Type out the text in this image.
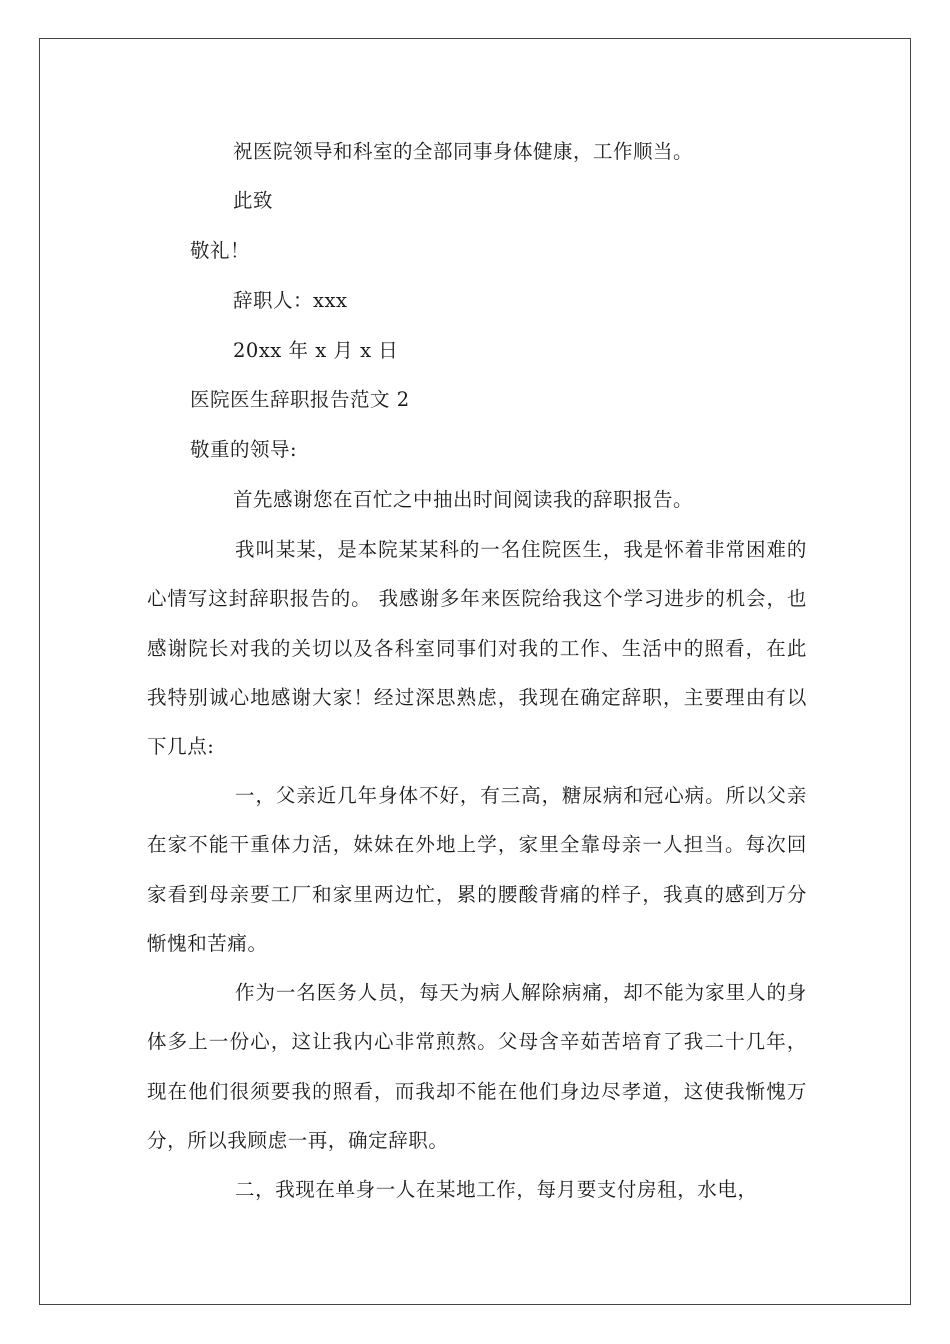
祝医院领导和科室的全部同事身体健康，工作顺当。
此致
敬礼！
辞职人：xxx
20xx 年 x 月 x 日
医院医生辞职报告范文 2
敬重的领导:
首先感谢您在百忙之中抽出时间阅读我的辞职报告。

我叫某某，是本院某某科的一名住院医生，我是怀着非常困难的心情写这封辞职报告的。 我感谢多年来医院给我这个学习进步的机会，也感谢院长对我的关切以及各科室同事们对我的工作、生活中的照看，在此我特别诚心地感谢大家！经过深思熟虑，我现在确定辞职，主要理由有以下几点:

一，父亲近几年身体不好，有三高，糖尿病和冠心病。所以父亲在家不能干重体力活，妹妹在外地上学，家里全靠母亲一人担当。每次回家看到母亲要工厂和家里两边忙，累的腰酸背痛的样子，我真的感到万分惭愧和苦痛。

作为一名医务人员，每天为病人解除病痛，却不能为家里人的身体多上一份心，这让我内心非常煎熬。父母含辛茹苦培育了我二十几年，现在他们很须要我的照看，而我却不能在他们身边尽孝道，这使我惭愧万分，所以我顾虑一再，确定辞职。

二，我现在单身一人在某地工作，每月要支付房租，水电，
